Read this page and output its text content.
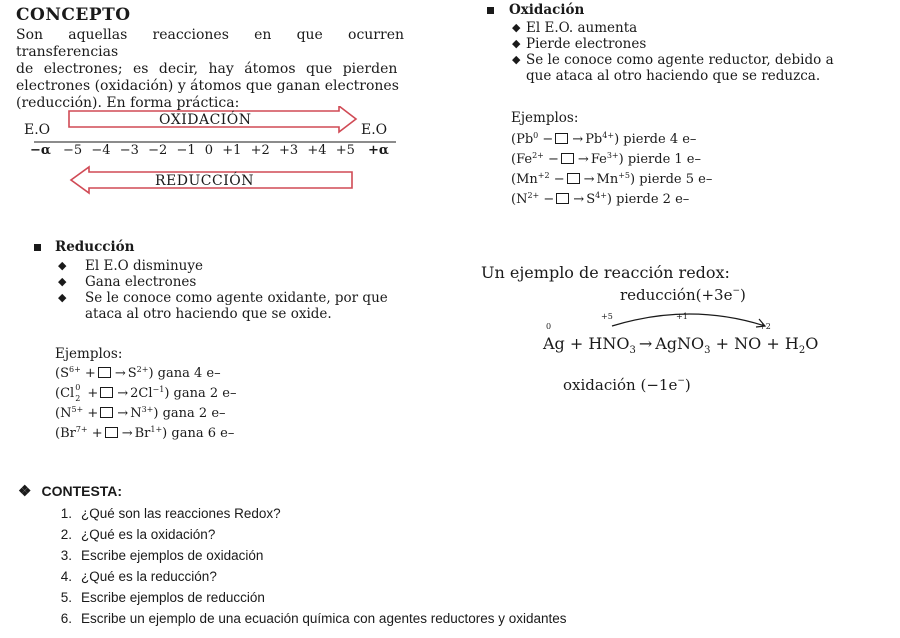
CONCEPTO
Son aquellas reacciones en que ocurren transferencias
de electrones; es decir, hay átomos que pierden
electrones (oxidación) y átomos que ganan electrones
(reducción). En forma práctica:
OXIDACIÓN
REDUCCIÓN
E.O	E.O
−α	+α
−5 −4 −3 −2 −1 0 +1 +2 +3 +4 +5
Oxidación
◆ El E.O. aumenta
◆ Pierde electrones
◆ Se le conoce como agente reductor, debido a
que ataca al otro haciendo que se reduzca.
Ejemplos:
($Pb^0$ − → $Pb^{4+}$) pierde 4 e–
($Fe^{2+}$ − → $Fe^{3+}$) pierde 1 e–
($Mn^{+2}$ − → $Mn^{+5}$) pierde 5 e–
($N^{2+}$ − → $S^{4+}$) pierde 2 e–
Reducción
◆	El E.O disminuye
◆	Gana electrones
◆	Se le conoce como agente oxidante, por que
ataca al otro haciendo que se oxide.
Ejemplos:
($S^{6+}$ + → $S^{2+}$) gana 4 e–
(Cl 0
2 + → $2Cl^{-1}$) gana 2 e–
($N^{5+}$ + → $N^{3+}$) gana 2 e–
($Br^{7+}$ + → $Br^{1+}$) gana 6 e–
Un ejemplo de reacción redox:
reducción(+3e−)
0
+5	+1
+2
$Ag + HNO_3$ → AgNO$_3$ + NO + $H_2O$
oxidación (−1e−)
❖ CONTESTA:
1. ¿Qué son las reacciones Redox?
2. ¿Qué es la oxidación?
3. Escribe ejemplos de oxidación
4. ¿Qué es la reducción?
5. Escribe ejemplos de reducción
6. Escribe un ejemplo de una ecuación química con agentes reductores y oxidantes
